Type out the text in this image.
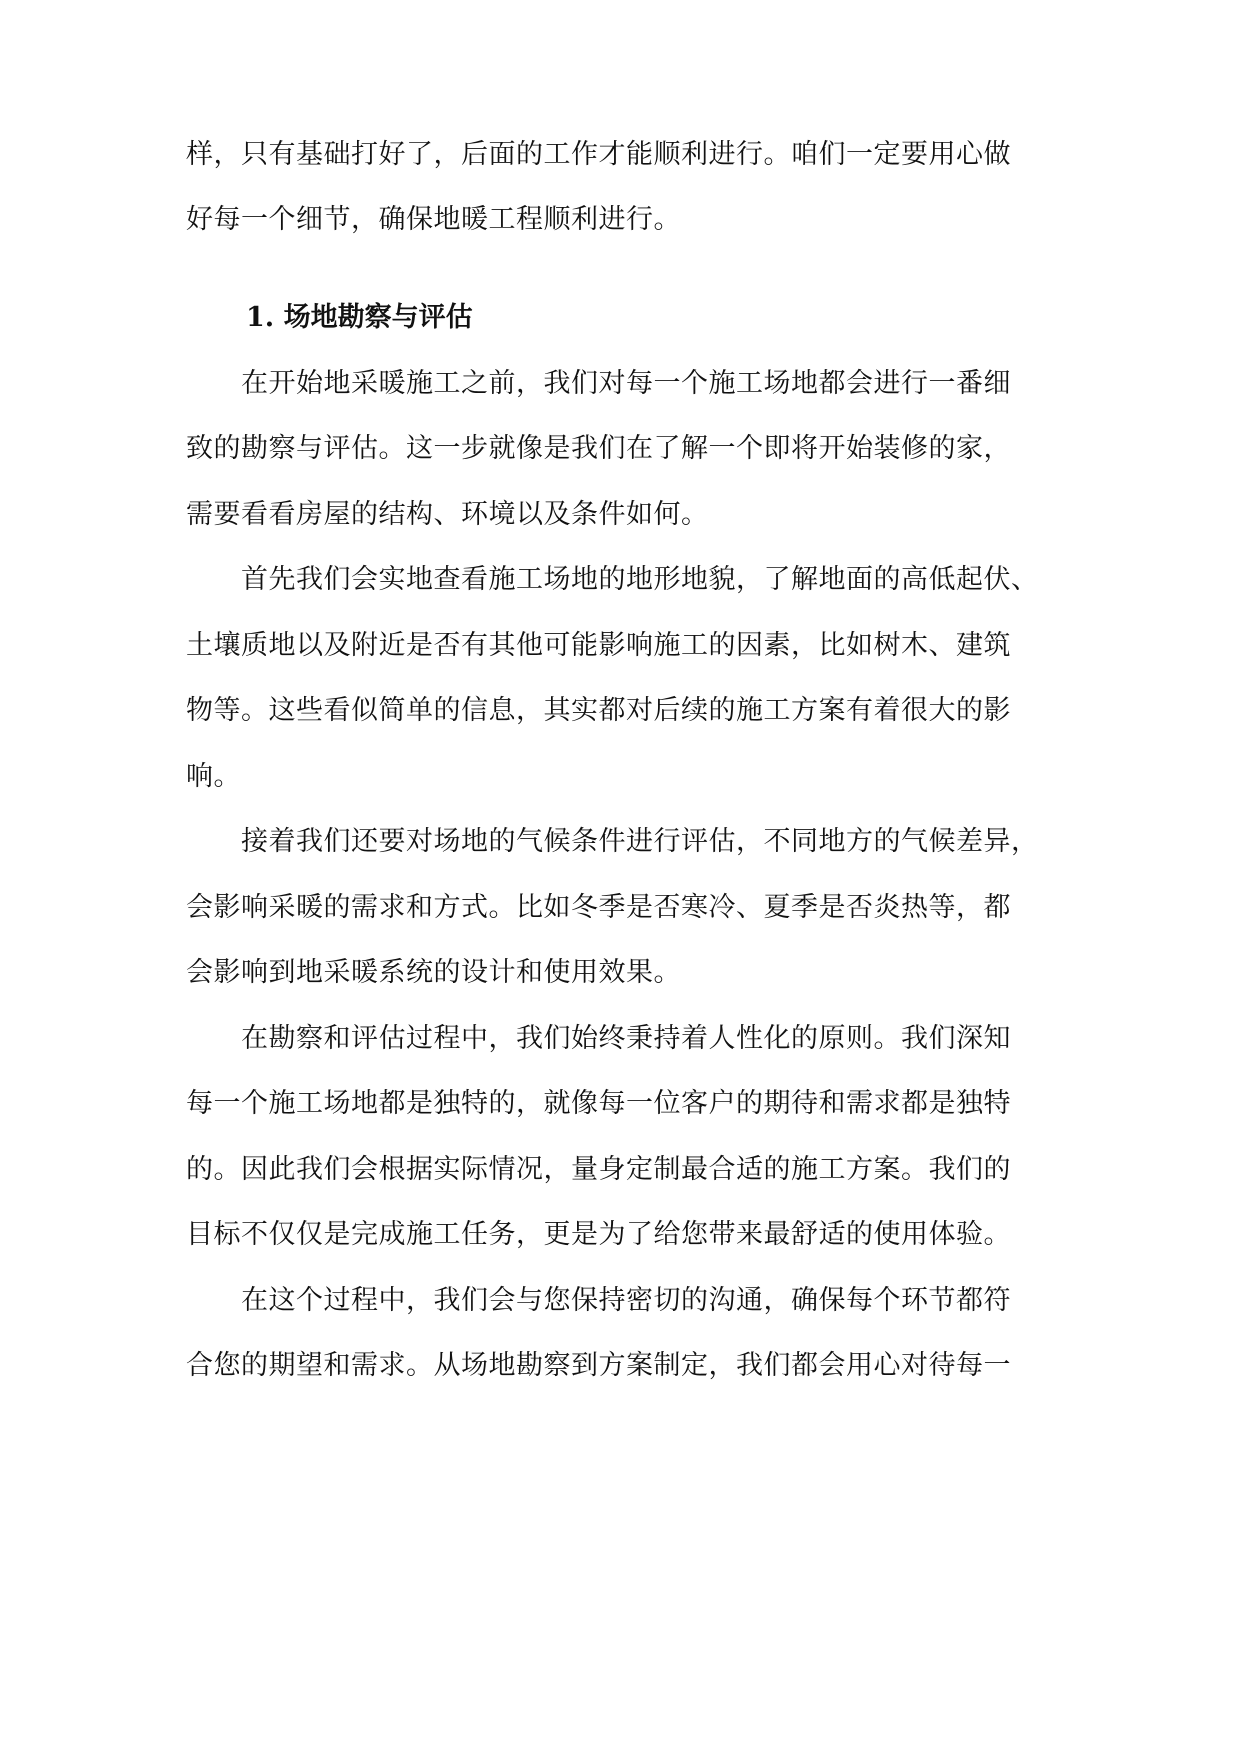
样，只有基础打好了，后面的工作才能顺利进行。咱们一定要用心做
好每一个细节，确保地暖工程顺利进行。
1. 场地勘察与评估
　　在开始地采暖施工之前，我们对每一个施工场地都会进行一番细
致的勘察与评估。这一步就像是我们在了解一个即将开始装修的家，
需要看看房屋的结构、环境以及条件如何。
　　首先我们会实地查看施工场地的地形地貌，了解地面的高低起伏、
土壤质地以及附近是否有其他可能影响施工的因素，比如树木、建筑
物等。这些看似简单的信息，其实都对后续的施工方案有着很大的影
响。
　　接着我们还要对场地的气候条件进行评估，不同地方的气候差异，
会影响采暖的需求和方式。比如冬季是否寒冷、夏季是否炎热等，都
会影响到地采暖系统的设计和使用效果。
　　在勘察和评估过程中，我们始终秉持着人性化的原则。我们深知
每一个施工场地都是独特的，就像每一位客户的期待和需求都是独特
的。因此我们会根据实际情况，量身定制最合适的施工方案。我们的
目标不仅仅是完成施工任务，更是为了给您带来最舒适的使用体验。
　　在这个过程中，我们会与您保持密切的沟通，确保每个环节都符
合您的期望和需求。从场地勘察到方案制定，我们都会用心对待每一
